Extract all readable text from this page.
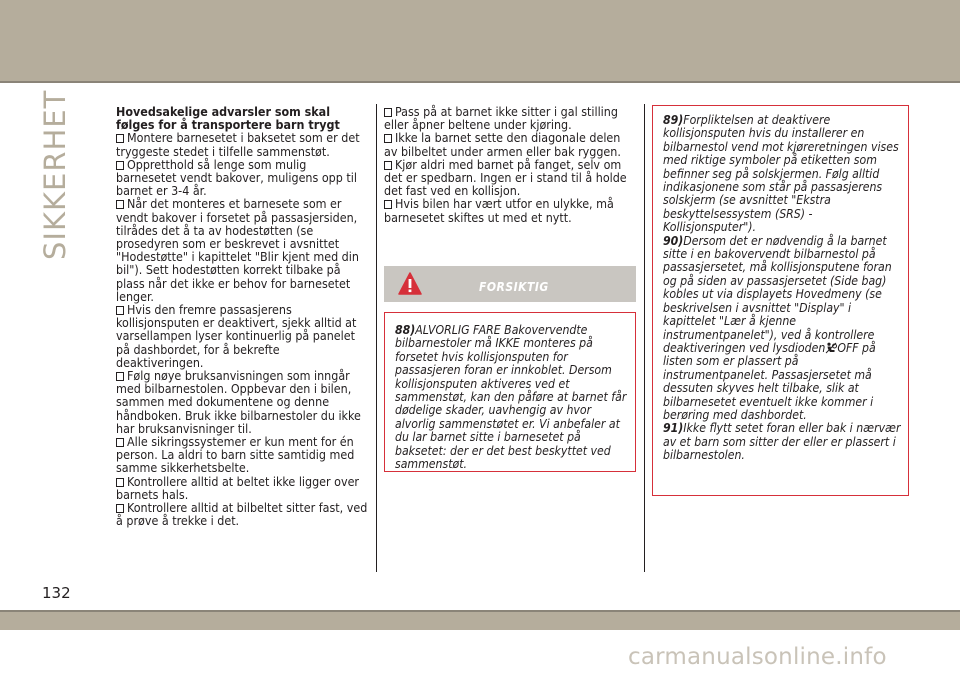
SIKKERHET	Hovedsakelige advarsler som skal følges for å transportere barn trygt

Montere barnesetet i baksetet som er det tryggeste stedet i tilfelle sammenstøt.

Oppretthold så lenge som mulig barnesetet vendt bakover, muligens opp til barnet er 3-4 år.

Når det monteres et barnesete som er vendt bakover i forsetet på passasjersiden, tilrådes det å ta av hodestøtten (se prosedyren som er beskrevet i avsnittet "Hodestøtte" i kapittelet "Blir kjent med din bil"). Sett hodestøtten korrekt tilbake på plass når det ikke er behov for barnesetet lenger.

Hvis den fremre passasjerens kollisjonsputen er deaktivert, sjekk alltid at varsellampen lyser kontinuerlig på panelet på dashbordet, for å bekrefte deaktiveringen.

Følg nøye bruksanvisningen som inngår med bilbarnestolen. Oppbevar den i bilen, sammen med dokumentene og denne håndboken. Bruk ikke bilbarnestoler du ikke har bruksanvisninger til.

Alle sikringssystemer er kun ment for én person. La aldri to barn sitte samtidig med samme sikkerhetsbelte.

Kontrollere alltid at beltet ikke ligger over barnets hals.

Kontrollere alltid at bilbeltet sitter fast, ved å prøve å trekke i det.

Pass på at barnet ikke sitter i gal stilling eller åpner beltene under kjøring.

Ikke la barnet sette den diagonale delen av bilbeltet under armen eller bak ryggen.

Kjør aldri med barnet på fanget, selv om det er spedbarn. Ingen er i stand til å holde det fast ved en kollisjon.

Hvis bilen har vært utfor en ulykke, må barnesetet skiftes ut med et nytt.

FORSIKTIG
88)ALVORLIG FARE Bakovervendte bilbarnestoler må IKKE monteres på forsetet hvis kollisjonsputen for passasjeren foran er innkoblet. Dersom kollisjonsputen aktiveres ved et sammenstøt, kan den påføre at barnet får dødelige skader, uavhengig av hvor alvorlig sammenstøtet er. Vi anbefaler at du lar barnet sitte i barnesetet på baksetet: der er det best beskyttet ved sammenstøt.
89)Forpliktelsen at deaktivere kollisjonsputen hvis du installerer en bilbarnestol vend mot kjøreretningen vises med riktige symboler på etiketten som befinner seg på solskjermen. Følg alltid indikasjonene som står på passasjerens solskjerm (se avsnittet "Ekstra beskyttelsessystem (SRS) - Kollisjonsputer").
90)Dersom det er nødvendig å la barnet sitte i en bakovervendt bilbarnestol på passasjersetet, må kollisjonsputene foran og på siden av passasjersetet (Side bag) kobles ut via displayets Hovedmeny (se beskrivelsen i avsnittet "Display" i kapittelet "Lær å kjenne instrumentpanelet"), ved å kontrollere deaktiveringen ved lysdioden OFF på listen som er plassert på instrumentpanelet. Passasjersetet må dessuten skyves helt tilbake, slik at bilbarnesetet eventuelt ikke kommer i berøring med dashbordet.
91)Ikke flytt setet foran eller bak i nærvær av et barn som sitter der eller er plassert i bilbarnestolen.
132
carmanualsonline.info
